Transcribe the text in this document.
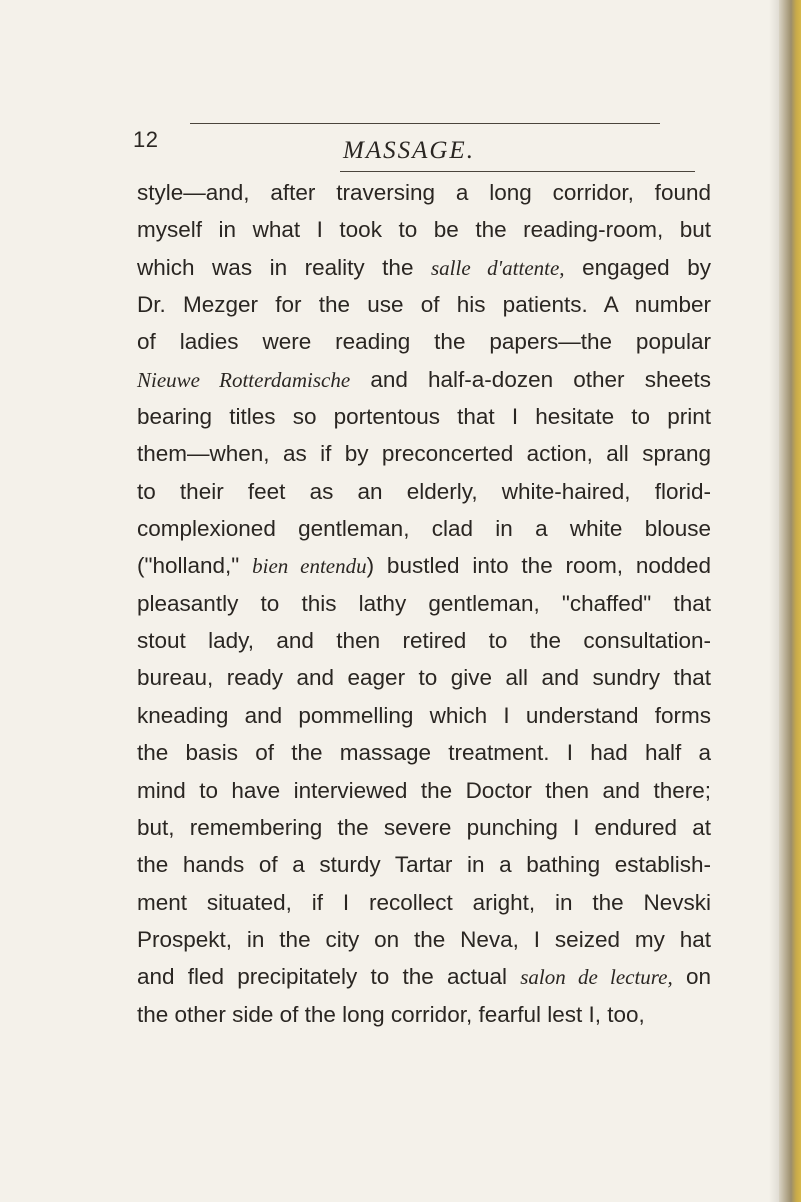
12	MASSAGE.
style—and, after traversing a long corridor, found
myself in what I took to be the reading-room, but
which was in reality the salle d'attente, engaged by
Dr. Mezger for the use of his patients. A number
of ladies were reading the papers—the popular
Nieuwe Rotterdamische and half-a-dozen other sheets
bearing titles so portentous that I hesitate to print
them—when, as if by preconcerted action, all sprang
to their feet as an elderly, white-haired, florid-
complexioned gentleman, clad in a white blouse
("holland," bien entendu) bustled into the room, nodded
pleasantly to this lathy gentleman, "chaffed" that
stout lady, and then retired to the consultation-
bureau, ready and eager to give all and sundry that
kneading and pommelling which I understand forms
the basis of the massage treatment. I had half a
mind to have interviewed the Doctor then and there;
but, remembering the severe punching I endured at
the hands of a sturdy Tartar in a bathing establish-
ment situated, if I recollect aright, in the Nevski
Prospekt, in the city on the Neva, I seized my hat
and fled precipitately to the actual salon de lecture, on
the other side of the long corridor, fearful lest I, too,
